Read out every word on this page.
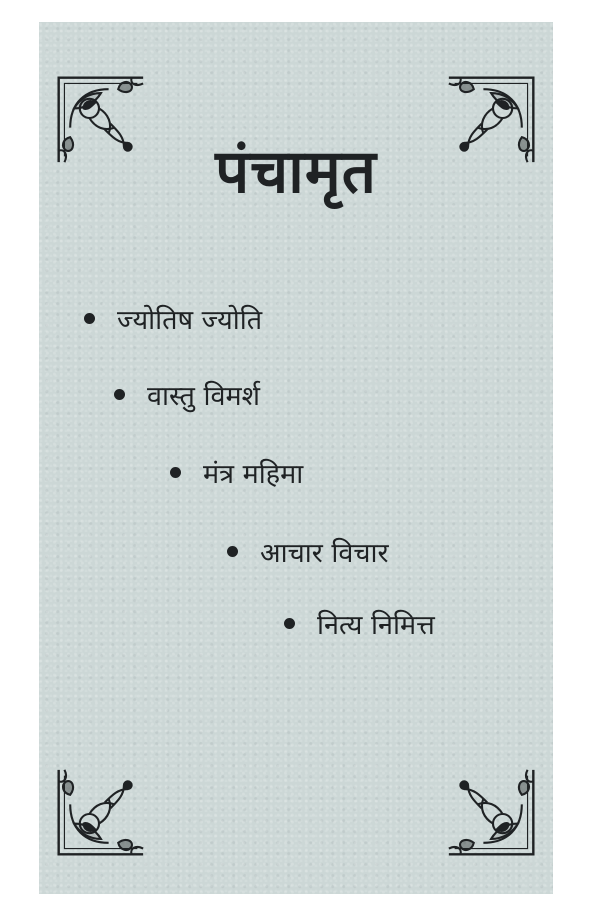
पंचामृत
ज्योतिष ज्योति
वास्तु विमर्श
मंत्र महिमा
आचार विचार
नित्य निमित्त
